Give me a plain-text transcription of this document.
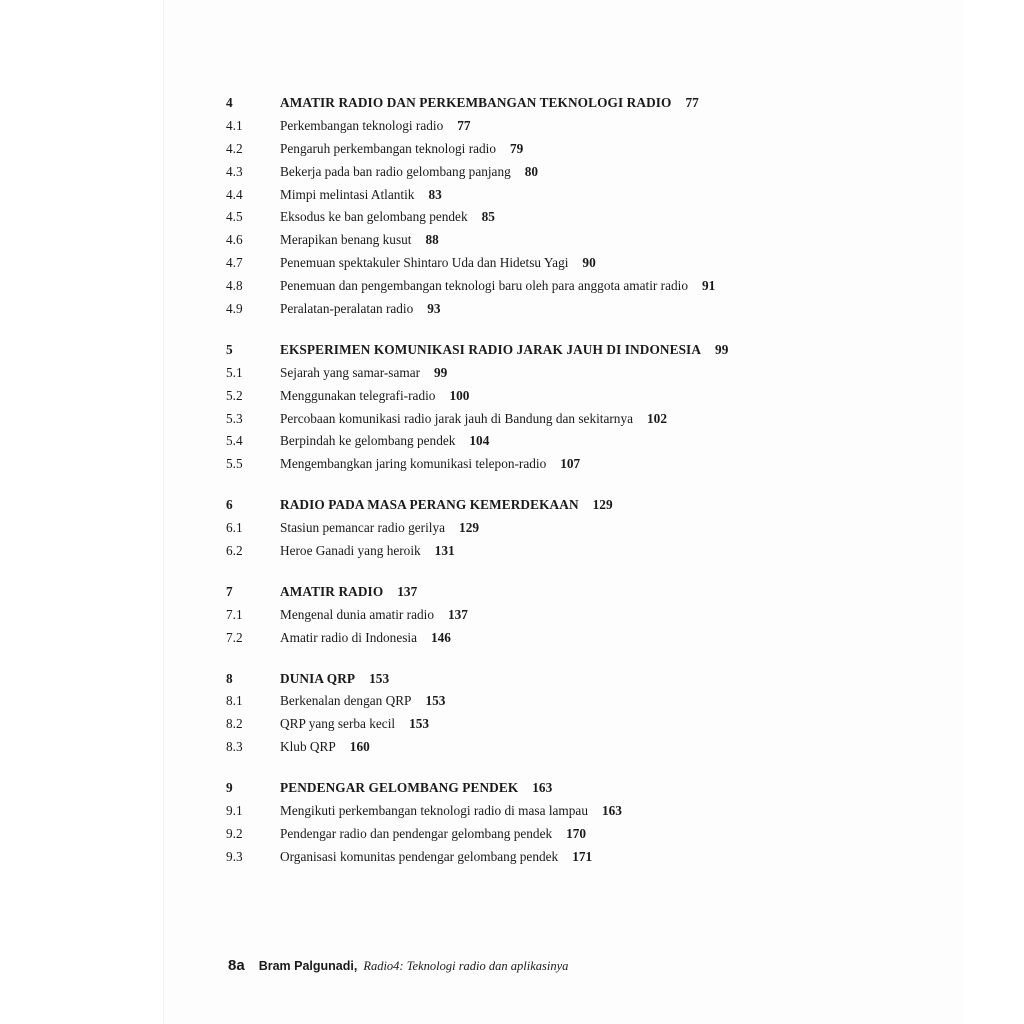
4	AMATIR RADIO DAN PERKEMBANGAN TEKNOLOGI RADIO 77
4.1	Perkembangan teknologi radio 77
4.2	Pengaruh perkembangan teknologi radio 79
4.3	Bekerja pada ban radio gelombang panjang 80
4.4	Mimpi melintasi Atlantik 83
4.5	Eksodus ke ban gelombang pendek 85
4.6	Merapikan benang kusut 88
4.7	Penemuan spektakuler Shintaro Uda dan Hidetsu Yagi 90
4.8	Penemuan dan pengembangan teknologi baru oleh para anggota amatir radio 91
4.9	Peralatan-peralatan radio 93
5	EKSPERIMEN KOMUNIKASI RADIO JARAK JAUH DI INDONESIA 99
5.1	Sejarah yang samar-samar 99
5.2	Menggunakan telegrafi-radio 100
5.3	Percobaan komunikasi radio jarak jauh di Bandung dan sekitarnya 102
5.4	Berpindah ke gelombang pendek 104
5.5	Mengembangkan jaring komunikasi telepon-radio 107
6	RADIO PADA MASA PERANG KEMERDEKAAN 129
6.1	Stasiun pemancar radio gerilya 129
6.2	Heroe Ganadi yang heroik 131
7	AMATIR RADIO 137
7.1	Mengenal dunia amatir radio 137
7.2	Amatir radio di Indonesia 146
8	DUNIA QRP 153
8.1	Berkenalan dengan QRP 153
8.2	QRP yang serba kecil 153
8.3	Klub QRP 160
9	PENDENGAR GELOMBANG PENDEK 163
9.1	Mengikuti perkembangan teknologi radio di masa lampau 163
9.2	Pendengar radio dan pendengar gelombang pendek 170
9.3	Organisasi komunitas pendengar gelombang pendek 171
8a Bram Palgunadi, Radio4: Teknologi radio dan aplikasinya
